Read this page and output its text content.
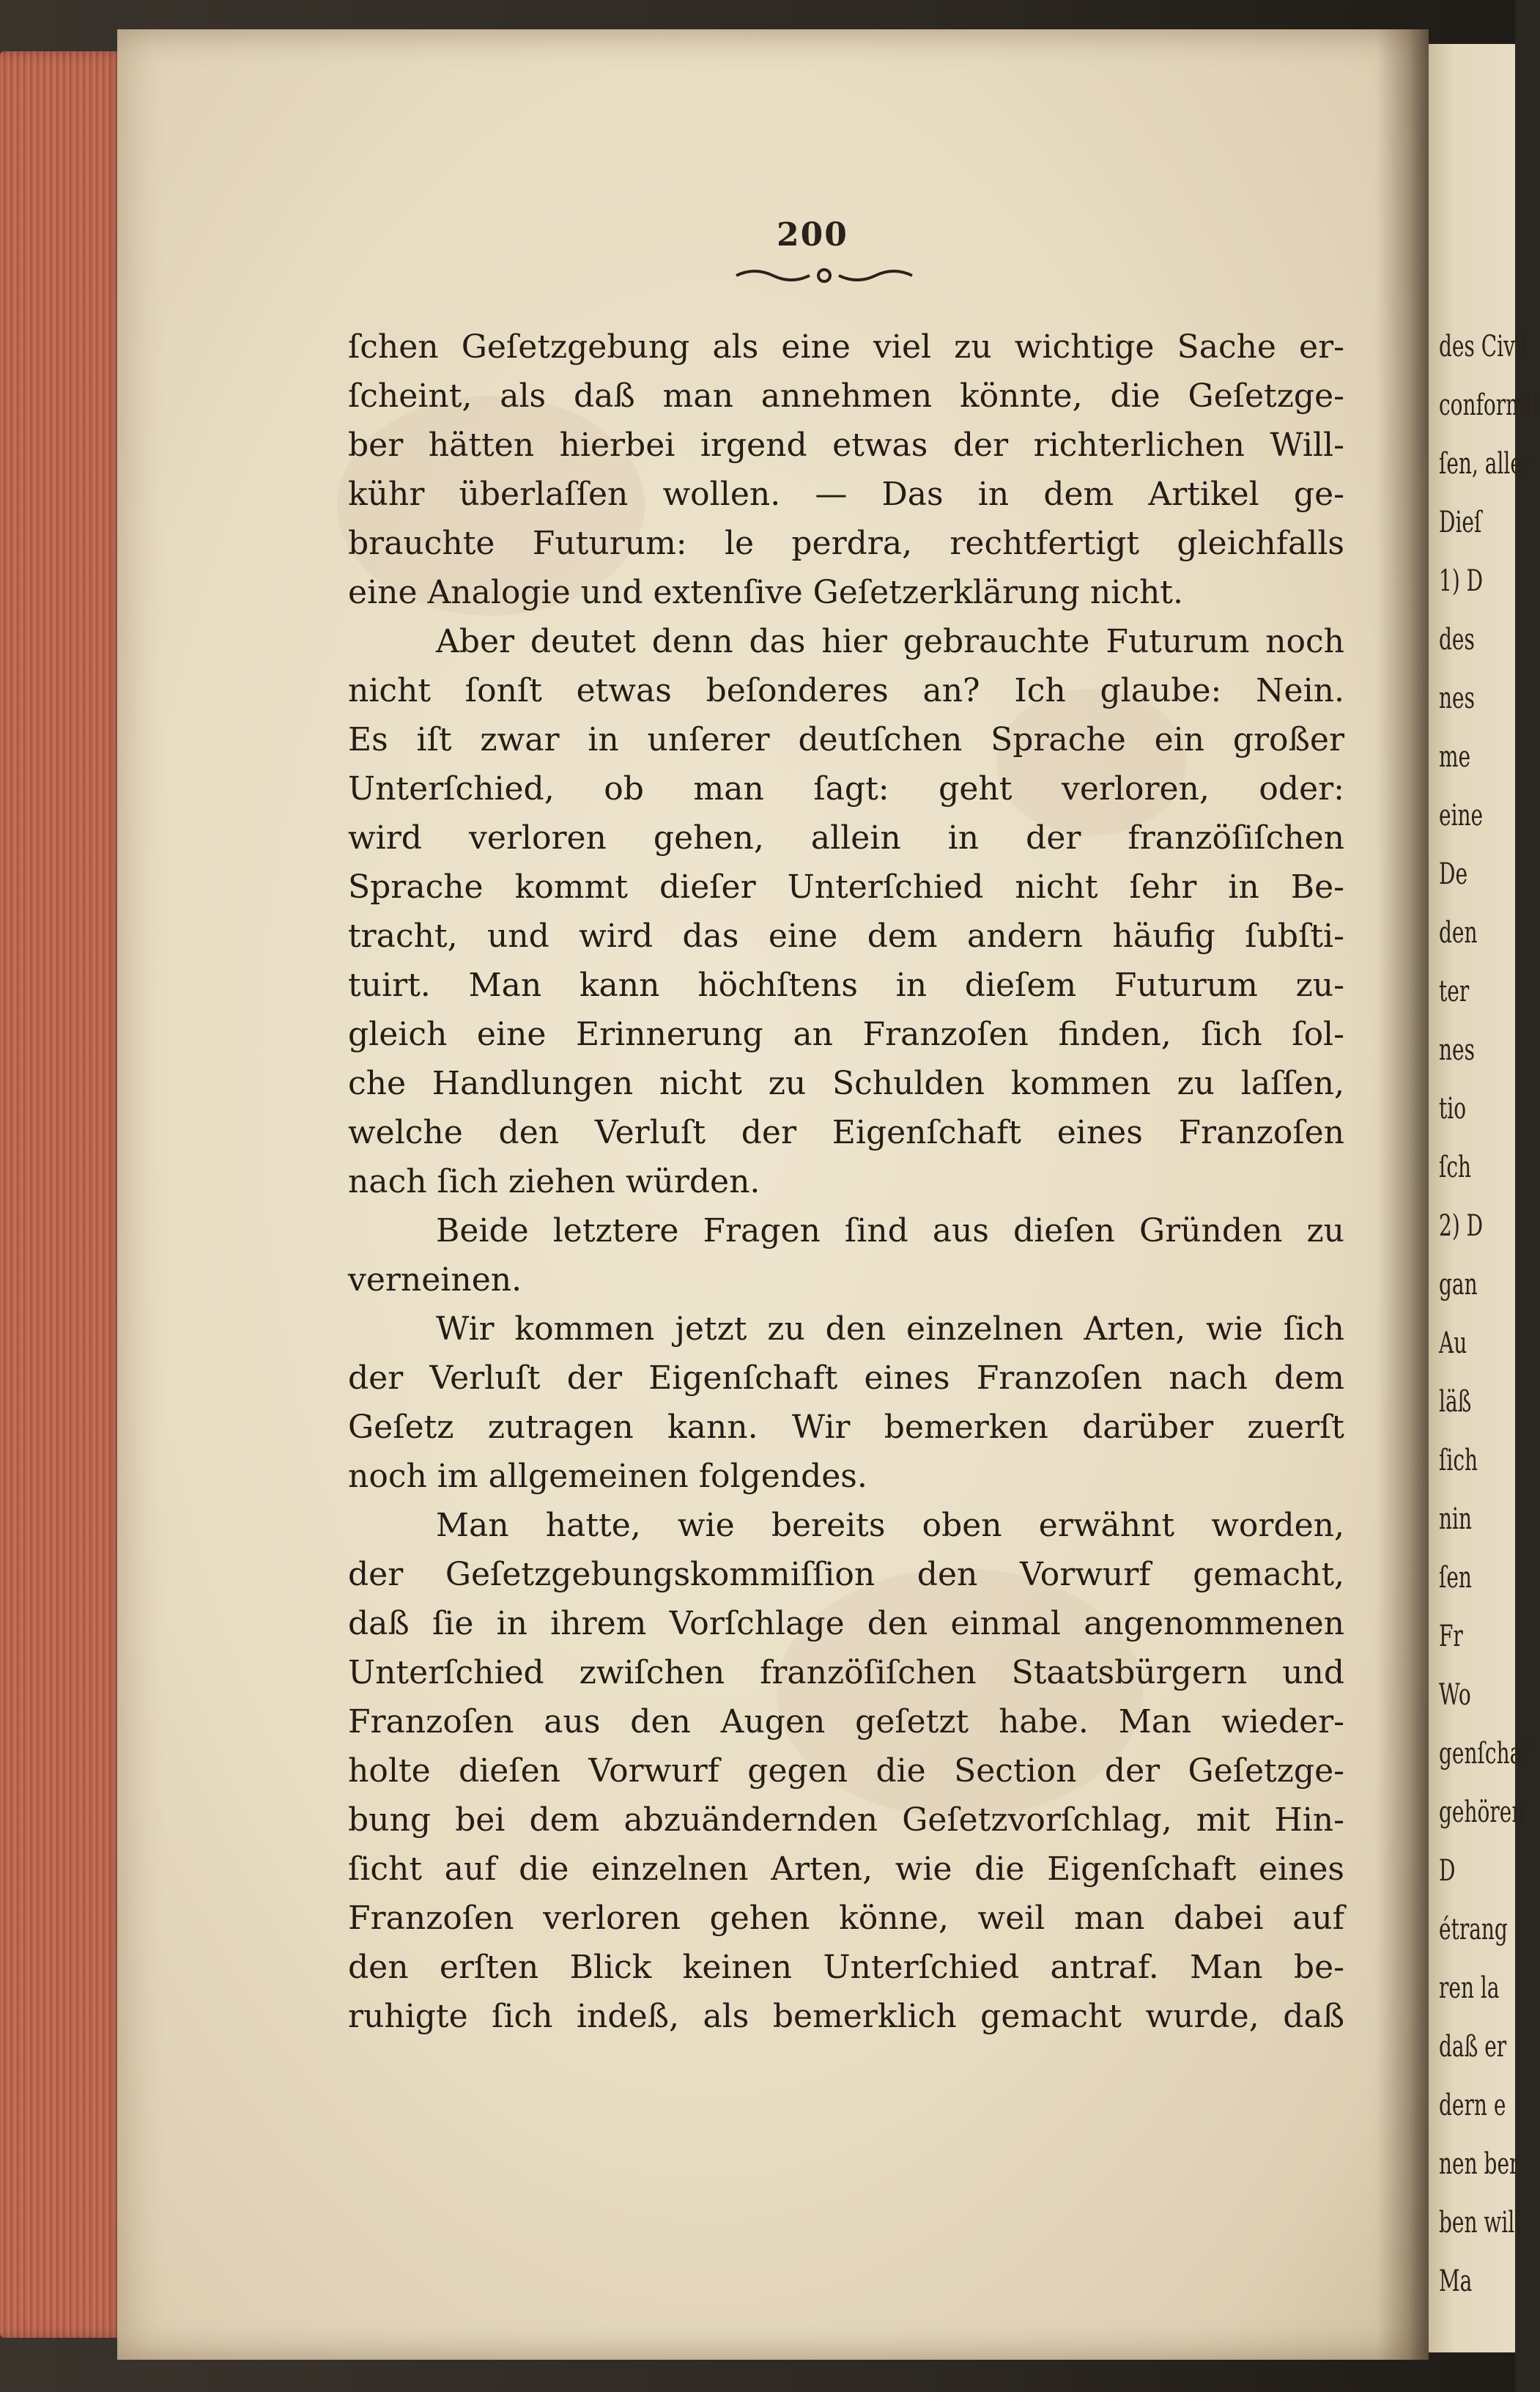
200
ſchen Geſetzgebung als eine viel zu wichtige Sache er-
ſcheint, als daß man annehmen könnte, die Geſetzge-
ber hätten hierbei irgend etwas der richterlichen Will-
kühr überlaſſen wollen. — Das in dem Artikel ge-
brauchte Futurum: le perdra, rechtfertigt gleichfalls
eine Analogie und extenſive Geſetzerklärung nicht.
Aber deutet denn das hier gebrauchte Futurum noch
nicht ſonſt etwas beſonderes an? Ich glaube: Nein.
Es iſt zwar in unſerer deutſchen Sprache ein großer
Unterſchied, ob man ſagt: geht verloren, oder:
wird verloren gehen, allein in der franzöſiſchen
Sprache kommt dieſer Unterſchied nicht ſehr in Be-
tracht, und wird das eine dem andern häufig ſubſti-
tuirt. Man kann höchſtens in dieſem Futurum zu-
gleich eine Erinnerung an Franzoſen finden, ſich ſol-
che Handlungen nicht zu Schulden kommen zu laſſen,
welche den Verluſt der Eigenſchaft eines Franzoſen
nach ſich ziehen würden.
Beide letztere Fragen ſind aus dieſen Gründen zu
verneinen.
Wir kommen jetzt zu den einzelnen Arten, wie ſich
der Verluſt der Eigenſchaft eines Franzoſen nach dem
Geſetz zutragen kann. Wir bemerken darüber zuerſt
noch im allgemeinen folgendes.
Man hatte, wie bereits oben erwähnt worden,
der Geſetzgebungskommiſſion den Vorwurf gemacht,
daß ſie in ihrem Vorſchlage den einmal angenommenen
Unterſchied zwiſchen franzöſiſchen Staatsbürgern und
Franzoſen aus den Augen geſetzt habe. Man wieder-
holte dieſen Vorwurf gegen die Section der Geſetzge-
bung bei dem abzuändernden Geſetzvorſchlag, mit Hin-
ſicht auf die einzelnen Arten, wie die Eigenſchaft eines
Franzoſen verloren gehen könne, weil man dabei auf
den erſten Blick keinen Unterſchied antraf. Man be-
ruhigte ſich indeß, als bemerklich gemacht wurde, daß
des Civil
conformit
ſen, aller
Dieſ
1) D
des
nes
me
eine
De
den
ter
nes
tio
ſch
2) D
gan
Au
läß
ſich
nin
ſen
Fr
Wo
genſchaf
gehören
D
étrang
ren la
daß er
dern e
nen ber
ben will
Ma
